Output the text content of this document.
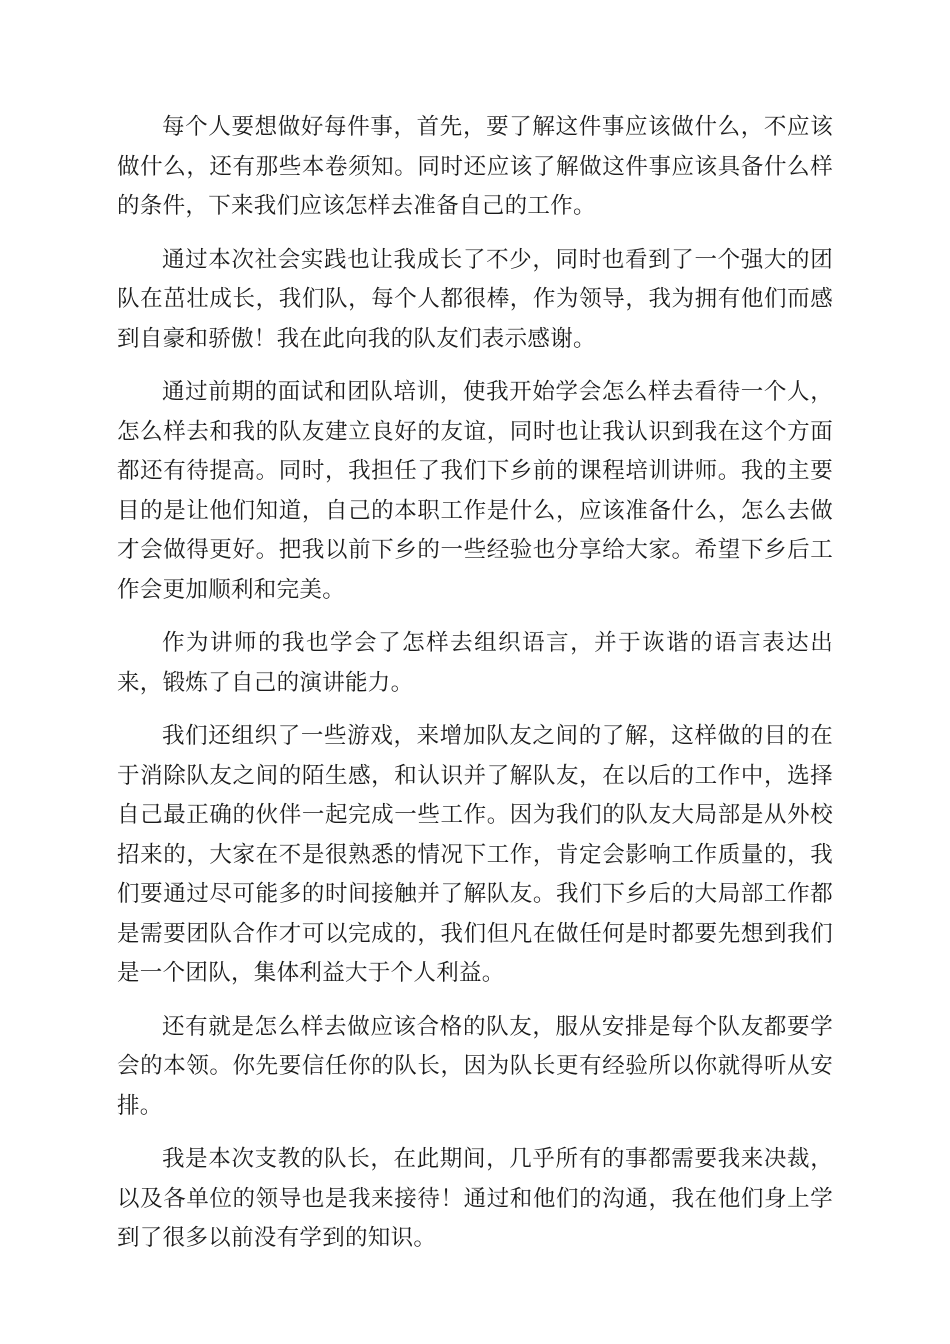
每个人要想做好每件事，首先，要了解这件事应该做什么，不应该做什么，还有那些本卷须知。同时还应该了解做这件事应该具备什么样的条件，下来我们应该怎样去准备自己的工作。

通过本次社会实践也让我成长了不少，同时也看到了一个强大的团队在茁壮成长，我们队，每个人都很棒，作为领导，我为拥有他们而感到自豪和骄傲！我在此向我的队友们表示感谢。

通过前期的面试和团队培训，使我开始学会怎么样去看待一个人，怎么样去和我的队友建立良好的友谊，同时也让我认识到我在这个方面都还有待提高。同时，我担任了我们下乡前的课程培训讲师。我的主要目的是让他们知道，自己的本职工作是什么，应该准备什么，怎么去做才会做得更好。把我以前下乡的一些经验也分享给大家。希望下乡后工作会更加顺利和完美。

作为讲师的我也学会了怎样去组织语言，并于诙谐的语言表达出来，锻炼了自己的演讲能力。

我们还组织了一些游戏，来增加队友之间的了解，这样做的目的在于消除队友之间的陌生感，和认识并了解队友，在以后的工作中，选择自己最正确的伙伴一起完成一些工作。因为我们的队友大局部是从外校招来的，大家在不是很熟悉的情况下工作，肯定会影响工作质量的，我们要通过尽可能多的时间接触并了解队友。我们下乡后的大局部工作都是需要团队合作才可以完成的，我们但凡在做任何是时都要先想到我们是一个团队，集体利益大于个人利益。

还有就是怎么样去做应该合格的队友，服从安排是每个队友都要学会的本领。你先要信任你的队长，因为队长更有经验所以你就得听从安排。

我是本次支教的队长，在此期间，几乎所有的事都需要我来决裁，以及各单位的领导也是我来接待！通过和他们的沟通，我在他们身上学到了很多以前没有学到的知识。
